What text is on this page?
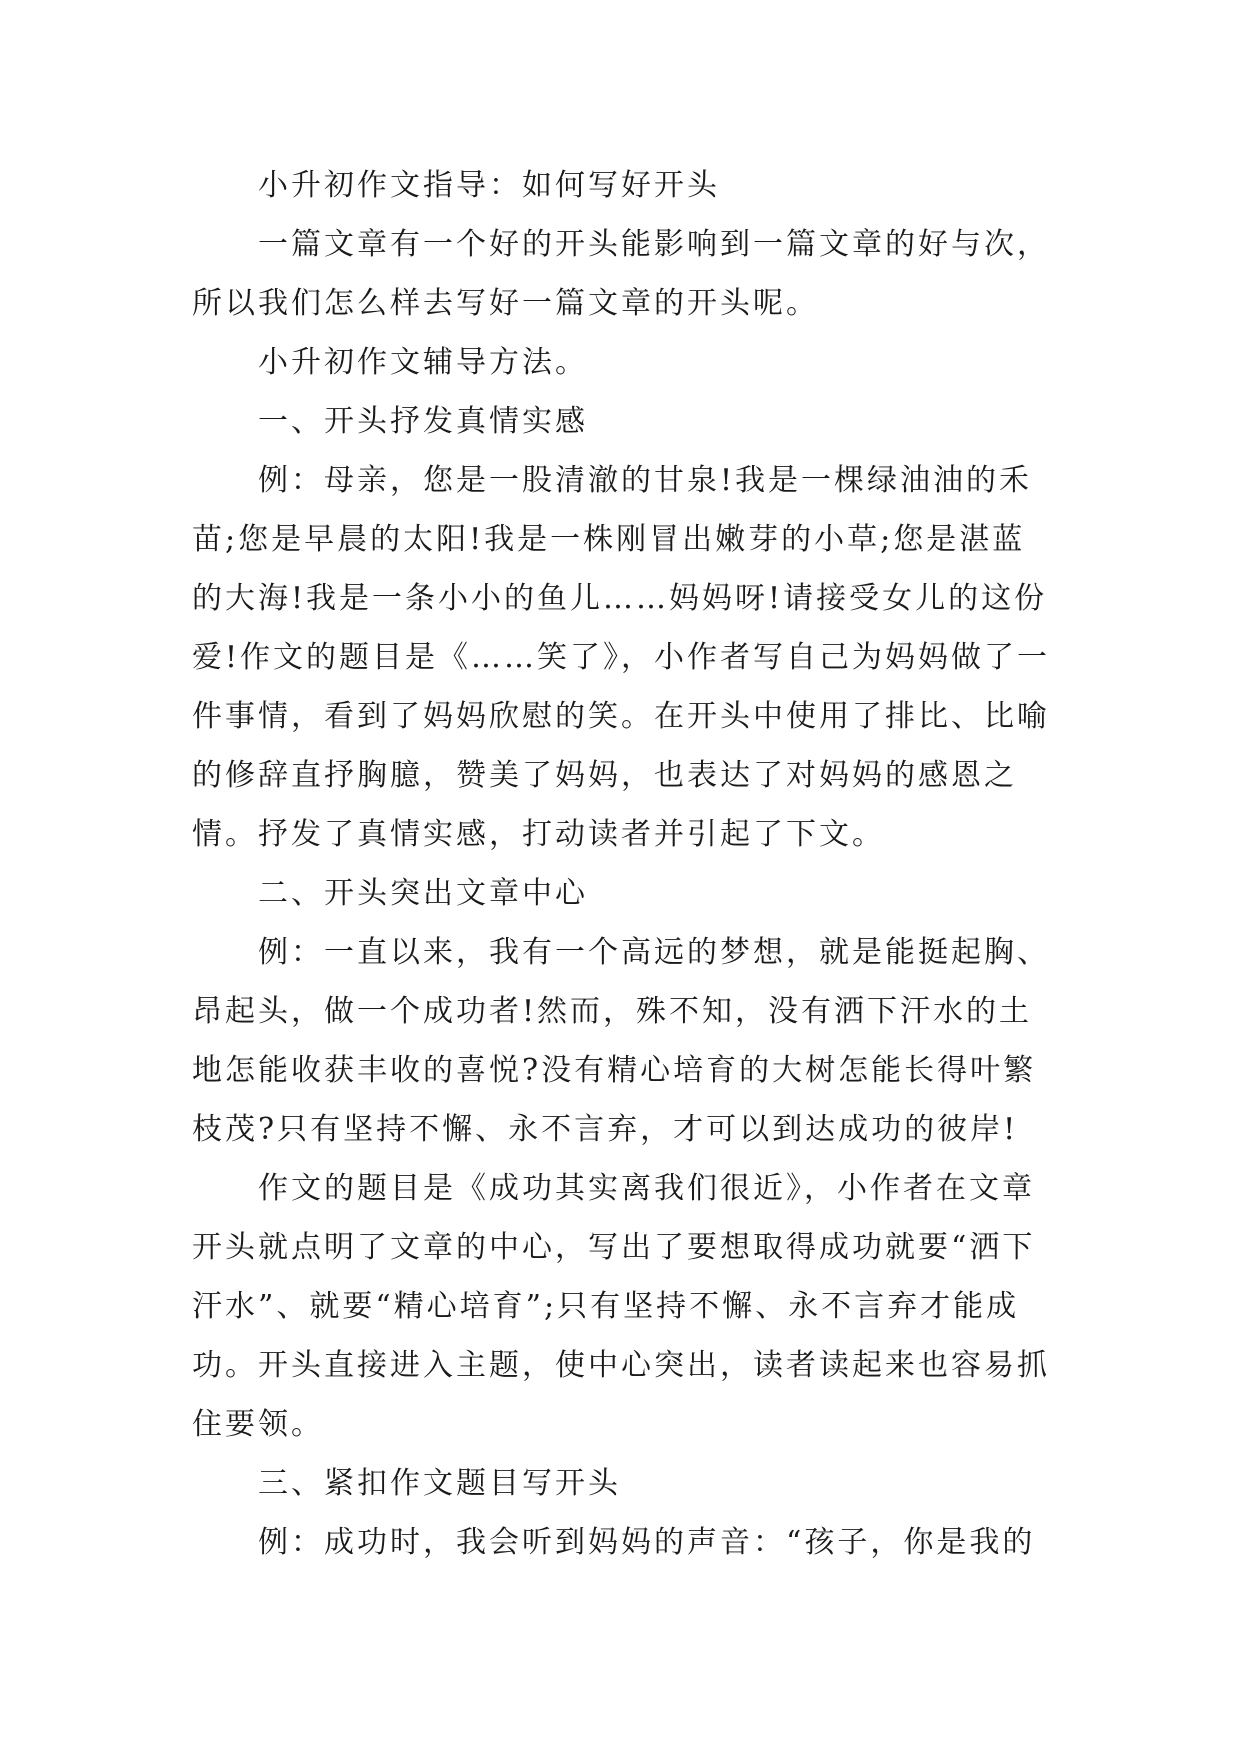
小升初作文指导：如何写好开头

一篇文章有一个好的开头能影响到一篇文章的好与次，所以我们怎么样去写好一篇文章的开头呢。

小升初作文辅导方法。

一、开头抒发真情实感

例：母亲，您是一股清澈的甘泉!我是一棵绿油油的禾苗;您是早晨的太阳!我是一株刚冒出嫩芽的小草;您是湛蓝的大海!我是一条小小的鱼儿……妈妈呀!请接受女儿的这份爱!作文的题目是《……笑了》，小作者写自己为妈妈做了一件事情，看到了妈妈欣慰的笑。在开头中使用了排比、比喻的修辞直抒胸臆，赞美了妈妈，也表达了对妈妈的感恩之情。抒发了真情实感，打动读者并引起了下文。

二、开头突出文章中心

例：一直以来，我有一个高远的梦想，就是能挺起胸、昂起头，做一个成功者!然而，殊不知，没有洒下汗水的土地怎能收获丰收的喜悦?没有精心培育的大树怎能长得叶繁枝茂?只有坚持不懈、永不言弃，才可以到达成功的彼岸!

作文的题目是《成功其实离我们很近》，小作者在文章开头就点明了文章的中心，写出了要想取得成功就要“洒下汗水”、就要“精心培育”;只有坚持不懈、永不言弃才能成功。开头直接进入主题，使中心突出，读者读起来也容易抓住要领。

三、紧扣作文题目写开头

例：成功时，我会听到妈妈的声音：“孩子，你是我的
